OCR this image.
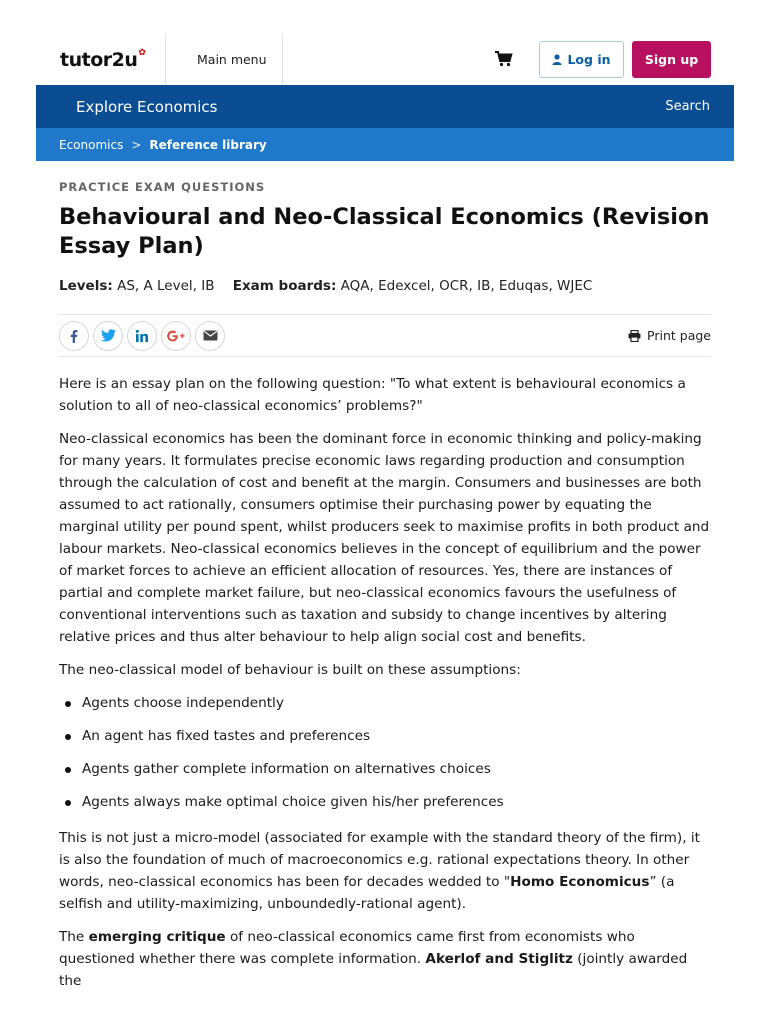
tutor2u ✿	Main menu	Log in	Sign up
Explore Economics	Search
Economics > Reference library
PRACTICE EXAM QUESTIONS
Behavioural and Neo-Classical Economics (Revision Essay Plan)
Levels: AS, A Level, IB Exam boards: AQA, Edexcel, OCR, IB, Eduqas, WJEC
Print page

Here is an essay plan on the following question: "To what extent is behavioural economics a solution to all of neo-classical economics’ problems?"

Neo-classical economics has been the dominant force in economic thinking and policy-making for many years. It formulates precise economic laws regarding production and consumption through the calculation of cost and benefit at the margin. Consumers and businesses are both assumed to act rationally, consumers optimise their purchasing power by equating the marginal utility per pound spent, whilst producers seek to maximise profits in both product and labour markets. Neo-classical economics believes in the concept of equilibrium and the power of market forces to achieve an efficient allocation of resources. Yes, there are instances of partial and complete market failure, but neo-classical economics favours the usefulness of conventional interventions such as taxation and subsidy to change incentives by altering relative prices and thus alter behaviour to help align social cost and benefits.

The neo-classical model of behaviour is built on these assumptions:

Agents choose independently
An agent has fixed tastes and preferences
Agents gather complete information on alternatives choices
Agents always make optimal choice given his/her preferences

This is not just a micro-model (associated for example with the standard theory of the firm), it is also the foundation of much of macroeconomics e.g. rational expectations theory. In other words, neo-classical economics has been for decades wedded to "Homo Economicus” (a selfish and utility-maximizing, unboundedly-rational agent).

The emerging critique of neo-classical economics came first from economists who questioned whether there was complete information. Akerlof and Stiglitz (jointly awarded the
